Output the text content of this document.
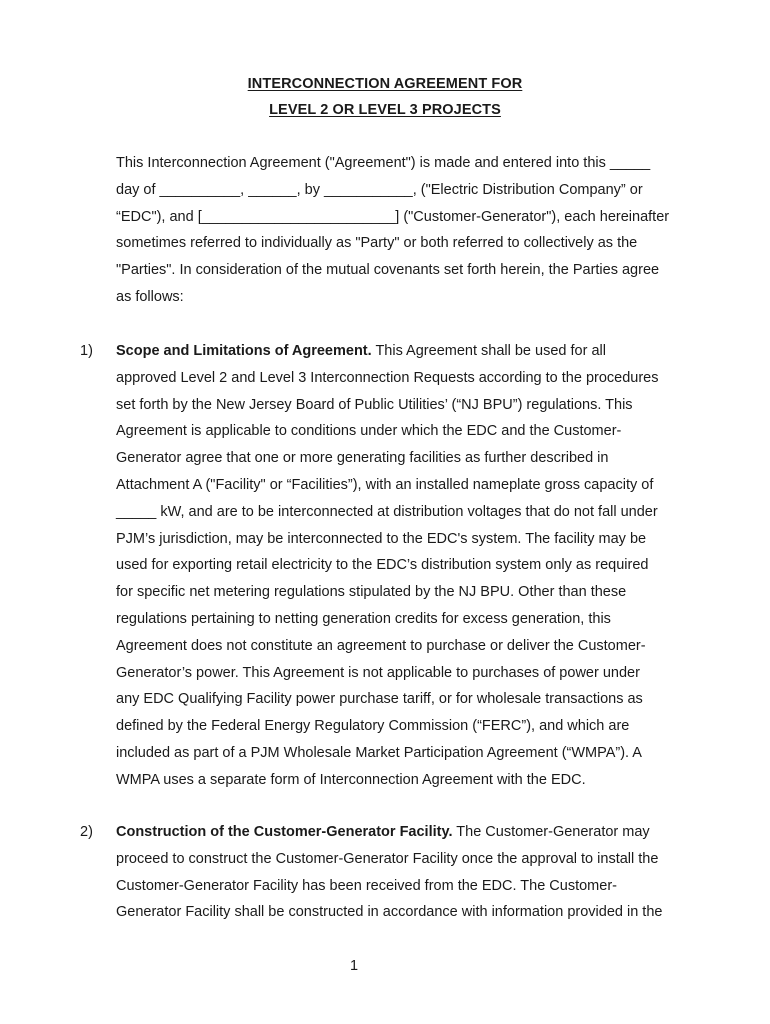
INTERCONNECTION AGREEMENT FOR
LEVEL 2 OR LEVEL 3 PROJECTS
This Interconnection Agreement ("Agreement") is made and entered into this _____
day of __________, ______, by ___________, ("Electric Distribution Company” or
“EDC"), and [________________________] ("Customer-Generator"), each hereinafter
sometimes referred to individually as "Party" or both referred to collectively as the
"Parties". In consideration of the mutual covenants set forth herein, the Parties agree
as follows:
1) Scope and Limitations of Agreement. This Agreement shall be used for all
approved Level 2 and Level 3 Interconnection Requests according to the procedures
set forth by the New Jersey Board of Public Utilities’ (“NJ BPU”) regulations. This
Agreement is applicable to conditions under which the EDC and the Customer-
Generator agree that one or more generating facilities as further described in
Attachment A ("Facility" or “Facilities”), with an installed nameplate gross capacity of
_____ kW, and are to be interconnected at distribution voltages that do not fall under
PJM’s jurisdiction, may be interconnected to the EDC's system. The facility may be
used for exporting retail electricity to the EDC’s distribution system only as required
for specific net metering regulations stipulated by the NJ BPU. Other than these
regulations pertaining to netting generation credits for excess generation, this
Agreement does not constitute an agreement to purchase or deliver the Customer-
Generator’s power. This Agreement is not applicable to purchases of power under
any EDC Qualifying Facility power purchase tariff, or for wholesale transactions as
defined by the Federal Energy Regulatory Commission (“FERC”), and which are
included as part of a PJM Wholesale Market Participation Agreement (“WMPA”). A
WMPA uses a separate form of Interconnection Agreement with the EDC.
2) Construction of the Customer-Generator Facility. The Customer-Generator may
proceed to construct the Customer-Generator Facility once the approval to install the
Customer-Generator Facility has been received from the EDC. The Customer-
Generator Facility shall be constructed in accordance with information provided in the
1
